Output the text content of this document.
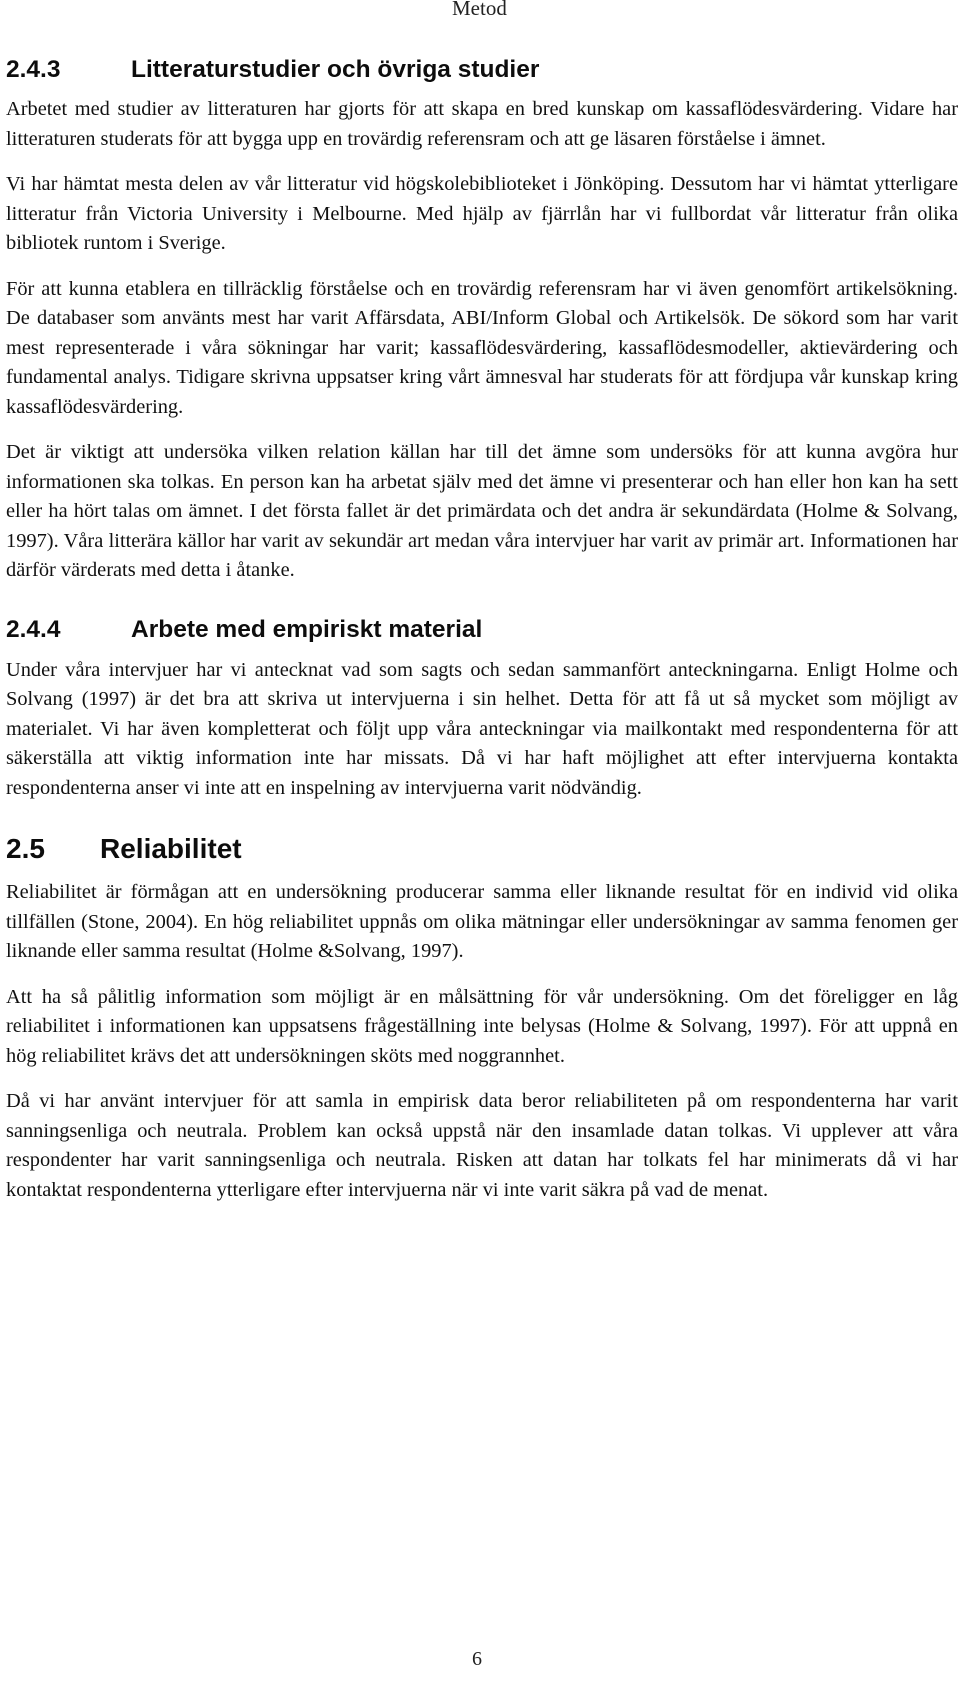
Metod
2.4.3	Litteraturstudier och övriga studier

Arbetet med studier av litteraturen har gjorts för att skapa en bred kunskap om kassaflödesvärdering. Vidare har litteraturen studerats för att bygga upp en trovärdig referensram och att ge läsaren förståelse i ämnet.

Vi har hämtat mesta delen av vår litteratur vid högskolebiblioteket i Jönköping. Dessutom har vi hämtat ytterligare litteratur från Victoria University i Melbourne. Med hjälp av fjärrlån har vi fullbordat vår litteratur från olika bibliotek runtom i Sverige.

För att kunna etablera en tillräcklig förståelse och en trovärdig referensram har vi även genomfört artikelsökning. De databaser som använts mest har varit Affärsdata, ABI/Inform Global och Artikelsök. De sökord som har varit mest representerade i våra sökningar har varit; kassaflödesvärdering, kassaflödesmodeller, aktievärdering och fundamental analys. Tidigare skrivna uppsatser kring vårt ämnesval har studerats för att fördjupa vår kunskap kring kassaflödesvärdering.

Det är viktigt att undersöka vilken relation källan har till det ämne som undersöks för att kunna avgöra hur informationen ska tolkas. En person kan ha arbetat själv med det ämne vi presenterar och han eller hon kan ha sett eller ha hört talas om ämnet. I det första fallet är det primärdata och det andra är sekundärdata (Holme & Solvang, 1997). Våra litterära källor har varit av sekundär art medan våra intervjuer har varit av primär art. Informationen har därför värderats med detta i åtanke.

2.4.4	Arbete med empiriskt material

Under våra intervjuer har vi antecknat vad som sagts och sedan sammanfört anteckningarna. Enligt Holme och Solvang (1997) är det bra att skriva ut intervjuerna i sin helhet. Detta för att få ut så mycket som möjligt av materialet. Vi har även kompletterat och följt upp våra anteckningar via mailkontakt med respondenterna för att säkerställa att viktig information inte har missats. Då vi har haft möjlighet att efter intervjuerna kontakta respondenterna anser vi inte att en inspelning av intervjuerna varit nödvändig.

2.5	Reliabilitet

Reliabilitet är förmågan att en undersökning producerar samma eller liknande resultat för en individ vid olika tillfällen (Stone, 2004). En hög reliabilitet uppnås om olika mätningar eller undersökningar av samma fenomen ger liknande eller samma resultat (Holme &Solvang, 1997).

Att ha så pålitlig information som möjligt är en målsättning för vår undersökning. Om det föreligger en låg reliabilitet i informationen kan uppsatsens frågeställning inte belysas (Holme & Solvang, 1997). För att uppnå en hög reliabilitet krävs det att undersökningen sköts med noggrannhet.

Då vi har använt intervjuer för att samla in empirisk data beror reliabiliteten på om respondenterna har varit sanningsenliga och neutrala. Problem kan också uppstå när den insamlade datan tolkas. Vi upplever att våra respondenter har varit sanningsenliga och neutrala. Risken att datan har tolkats fel har minimerats då vi har kontaktat respondenterna ytterligare efter intervjuerna när vi inte varit säkra på vad de menat.

6
